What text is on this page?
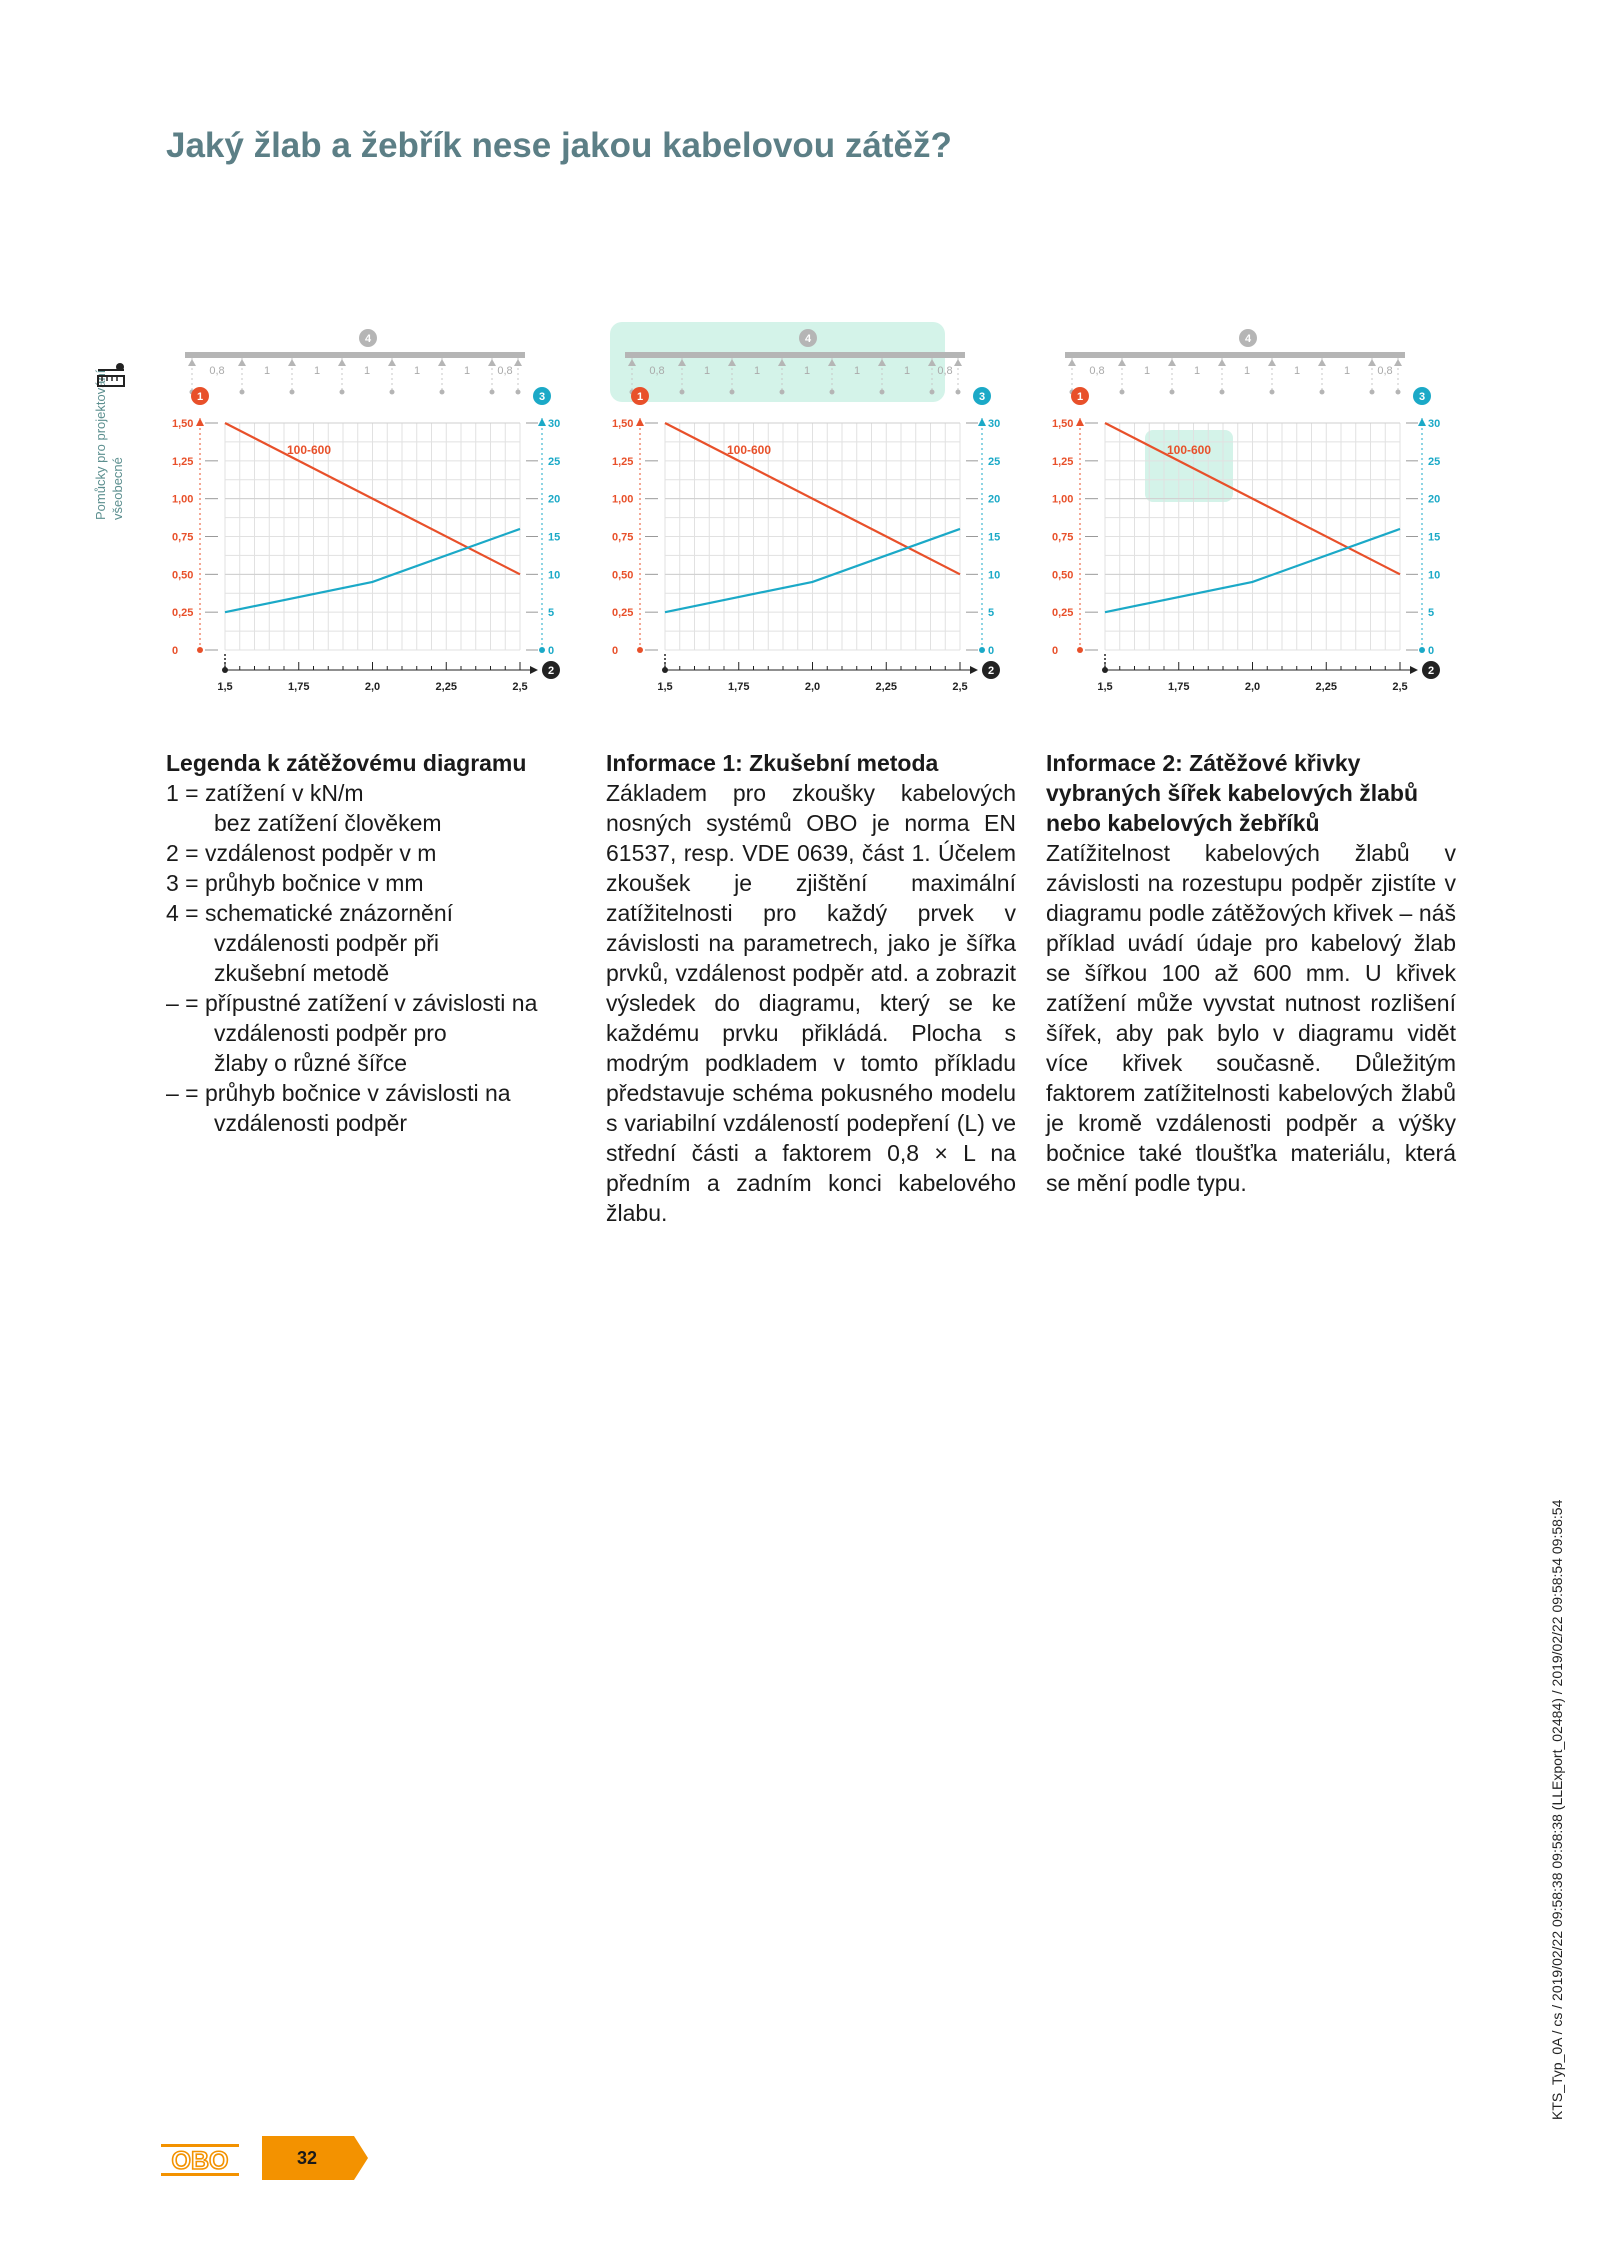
Pomůcky pro projektování všeobecné
Jaký žlab a žebřík nese jakou kabelovou zátěž?
4
0,8	1	1	1	1	1 0,8
1
1,50
1,25
1,00
0,75
0,50
0,25
0
3
30
25
20
15
10
5
0
1,5	1,75	2,0	2,25	2,5
2
100-600
4
0,8	1	1	1	1	1 0,8
1
1,50
1,25
1,00
0,75
0,50
0,25
0
3
30
25
20
15
10
5
0
1,5	1,75	2,0	2,25	2,5
2
100-600
4
0,8	1	1	1	1	1 0,8
1
1,50
1,25
1,00
0,75
0,50
0,25
0
3
30
25
20
15
10
5
0
1,5	1,75	2,0	2,25	2,5
2
100-600
Legenda k zátěžovému diagramu
1 = zatížení v kN/m
bez zatížení člověkem
2 = vzdálenost podpěr v m
3 = průhyb bočnice v mm
4 = schematické znázornění
vzdálenosti podpěr při
zkušební metodě
– = přípustné zatížení v závislosti na
vzdálenosti podpěr pro
žlaby o různé šířce
– = průhyb bočnice v závislosti na
vzdálenosti podpěr
Informace 1: Zkušební metoda

Základem pro zkoušky kabelových nosných systémů OBO je norma EN 61537, resp. VDE 0639, část 1. Účelem zkoušek je zjištění maximální zatížitelnosti pro každý prvek v závislosti na parametrech, jako je šířka prvků, vzdálenost podpěr atd. a zobrazit výsledek do diagramu, který se ke každému prvku přikládá. Plocha s modrým podkladem v tomto příkladu představuje schéma pokusného modelu s variabilní vzdáleností podepření (L) ve střední části a faktorem 0,8 × L na předním a zadním konci kabelového žlabu.

Informace 2: Zátěžové křivky vybraných šířek kabelových žlabů nebo kabelových žebříků

Zatížitelnost kabelových žlabů v závislosti na rozestupu podpěr zjistíte v diagramu podle zátěžových křivek – náš příklad uvádí údaje pro kabelový žlab se šířkou 100 až 600 mm. U křivek zatížení může vyvstat nutnost rozlišení šířek, aby pak bylo v diagramu vidět více křivek současně. Důležitým faktorem zatížitelnosti kabelových žlabů je kromě vzdálenosti podpěr a výšky bočnice také tloušťka materiálu, která se mění podle typu.

KTS_Typ_0A / cs / 2019/02/22 09:58:38 09:58:38 (LLExport_02484) / 2019/02/22 09:58:54 09:58:54
OBO	32
